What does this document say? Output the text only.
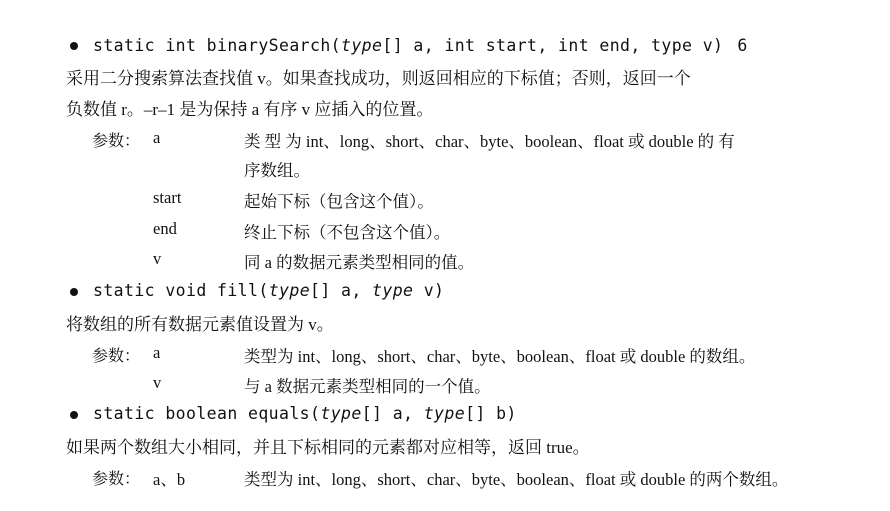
static int binarySearch(type[] a, int start, int end, type v) 6
采用二分搜索算法查找值 v。如果查找成功，则返回相应的下标值；否则，返回一个
负数值 r。–r–1 是为保持 a 有序 v 应插入的位置。
参数： a	类 型 为 int、long、short、char、byte、boolean、float 或 double 的 有
序数组。
start	起始下标（包含这个值）。
end	终止下标（不包含这个值）。
v	同 a 的数据元素类型相同的值。
static void fill(type[] a, type v)
将数组的所有数据元素值设置为 v。
参数： a	类型为 int、long、short、char、byte、boolean、float 或 double 的数组。
v	与 a 数据元素类型相同的一个值。
static boolean equals(type[] a, type[] b)
如果两个数组大小相同，并且下标相同的元素都对应相等，返回 true。
参数： a、b	类型为 int、long、short、char、byte、boolean、float 或 double 的两个数组。
